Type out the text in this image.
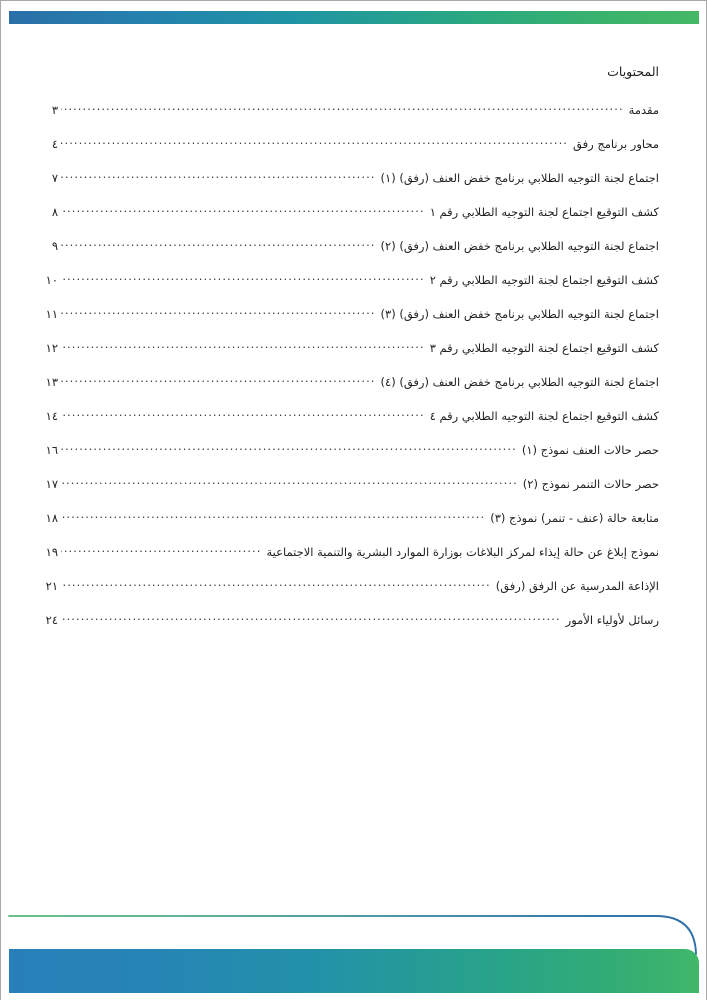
المحتويات
مقدمة
.....
٣
محاور برنامج رفق
.....
٤
اجتماع لجنة التوجيه الطلابي برنامج خفض العنف (رفق) (١)
.....
٧
كشف التوقيع اجتماع لجنة التوجيه الطلابي رقم ١
.....
٨
اجتماع لجنة التوجيه الطلابي برنامج خفض العنف (رفق) (٢)
.....
٩
كشف التوقيع اجتماع لجنة التوجيه الطلابي رقم ٢
.....
١٠
اجتماع لجنة التوجيه الطلابي برنامج خفض العنف (رفق) (٣)
.....
١١
كشف التوقيع اجتماع لجنة التوجيه الطلابي رقم ٣
.....
١٢
اجتماع لجنة التوجيه الطلابي برنامج خفض العنف (رفق) (٤)
.....
١٣
كشف التوقيع اجتماع لجنة التوجيه الطلابي رقم ٤
.....
١٤
حصر حالات العنف نموذج (١)
.....
١٦
حصر حالات التنمر نموذج (٢)
.....
١٧
متابعة حالة (عنف - تنمر) نموذج (٣)
.....
١٨
نموذج إبلاغ عن حالة إيذاء لمركز البلاغات بوزارة الموارد البشرية والتنمية الاجتماعية
.....
١٩
الإذاعة المدرسية عن الرفق (رفق)
.....
٢١
رسائل لأولياء الأمور
.....
٢٤
